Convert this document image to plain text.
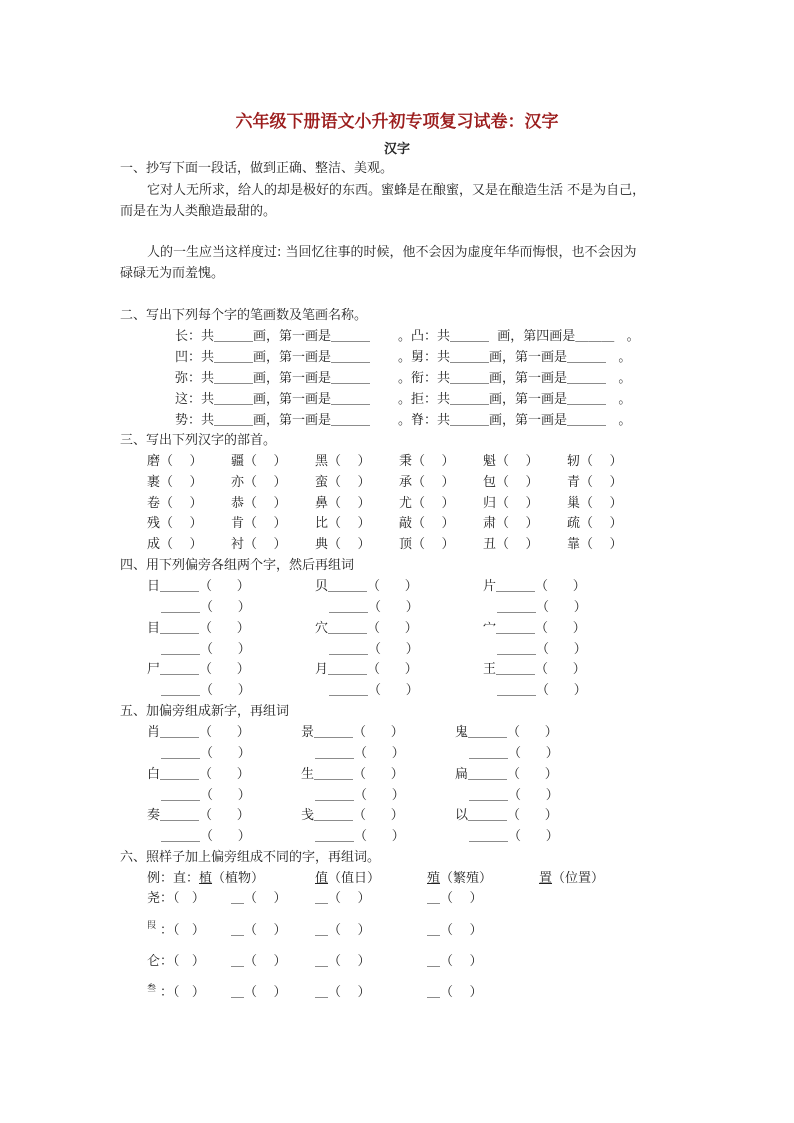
六年级下册语文小升初专项复习试卷：汉字
汉字
一、抄写下面一段话，做到正确、整洁、美观。
它对人无所求，给人的却是极好的东西。蜜蜂是在酿蜜，又是在酿造生活 不是为自己，
而是在为人类酿造最甜的。
人的一生应当这样度过: 当回忆往事的时候，他不会因为虚度年华而悔恨，也不会因为
碌碌无为而羞愧。
二、写出下列每个字的笔画数及笔画名称。
长：共＿＿＿画，第一画是＿＿＿ 。凸：共＿＿＿  画，第四画是＿＿＿   。
凹：共＿＿＿画，第一画是＿＿＿ 。舅：共＿＿＿画，第一画是＿＿＿   。
弥：共＿＿＿画，第一画是＿＿＿ 。衔：共＿＿＿画，第一画是＿＿＿   。
这：共＿＿＿画，第一画是＿＿＿ 。拒：共＿＿＿画，第一画是＿＿＿   。
势：共＿＿＿画，第一画是＿＿＿ 。脊：共＿＿＿画，第一画是＿＿＿   。
三、写出下列汉字的部首。
磨（    ） 疆（    ） 黑（    ） 秉（    ） 魁（    ） 轫（    ）
裹（    ） 亦（    ） 蛮（    ） 承（    ） 包（    ） 青（    ）
卷（    ） 恭（    ） 鼻（    ） 尤（    ） 归（    ） 巢（    ）
残（    ） 肯（    ） 比（    ） 敲（    ） 肃（    ） 疏（    ）
成（    ） 衬（    ） 典（    ） 顶（    ） 丑（    ） 靠（    ）
四、用下列偏旁各组两个字，然后再组词
日＿＿＿（      ）	贝＿＿＿（      ）	片＿＿＿（      ）
＿＿＿（      ）	＿＿＿（      ）	＿＿＿（      ）
目＿＿＿（      ）	穴＿＿＿（      ）	宀＿＿＿（      ）
＿＿＿（      ）	＿＿＿（      ）	＿＿＿（      ）
尸＿＿＿（      ）	月＿＿＿（      ）	王＿＿＿（      ）
＿＿＿（      ）	＿＿＿（      ）	＿＿＿（      ）
五、加偏旁组成新字，再组词
肖＿＿＿（      ）	景＿＿＿（      ）	鬼＿＿＿（      ）
＿＿＿（      ）	＿＿＿（      ）	＿＿＿（      ）
白＿＿＿（      ）	生＿＿＿（      ）	扁＿＿＿（      ）
＿＿＿（      ）	＿＿＿（      ）	＿＿＿（      ）
奏＿＿＿（      ）	戋＿＿＿（      ）	以＿＿＿（      ）
＿＿＿（      ）	＿＿＿（      ）	＿＿＿（      ）
六、照样子加上偏旁组成不同的字，再组词。
例：直：植（植物）	值（值日）	殖（繁殖）	置（位置）
尧 ：（   ） ＿（    ） ＿（    ）	＿（    ）
叚 ：（   ） ＿（    ） ＿（    ）	＿（    ）
仑 ：（   ） ＿（    ） ＿（    ）	＿（    ）
叁 ：（   ） ＿（    ） ＿（    ）	＿（    ）
